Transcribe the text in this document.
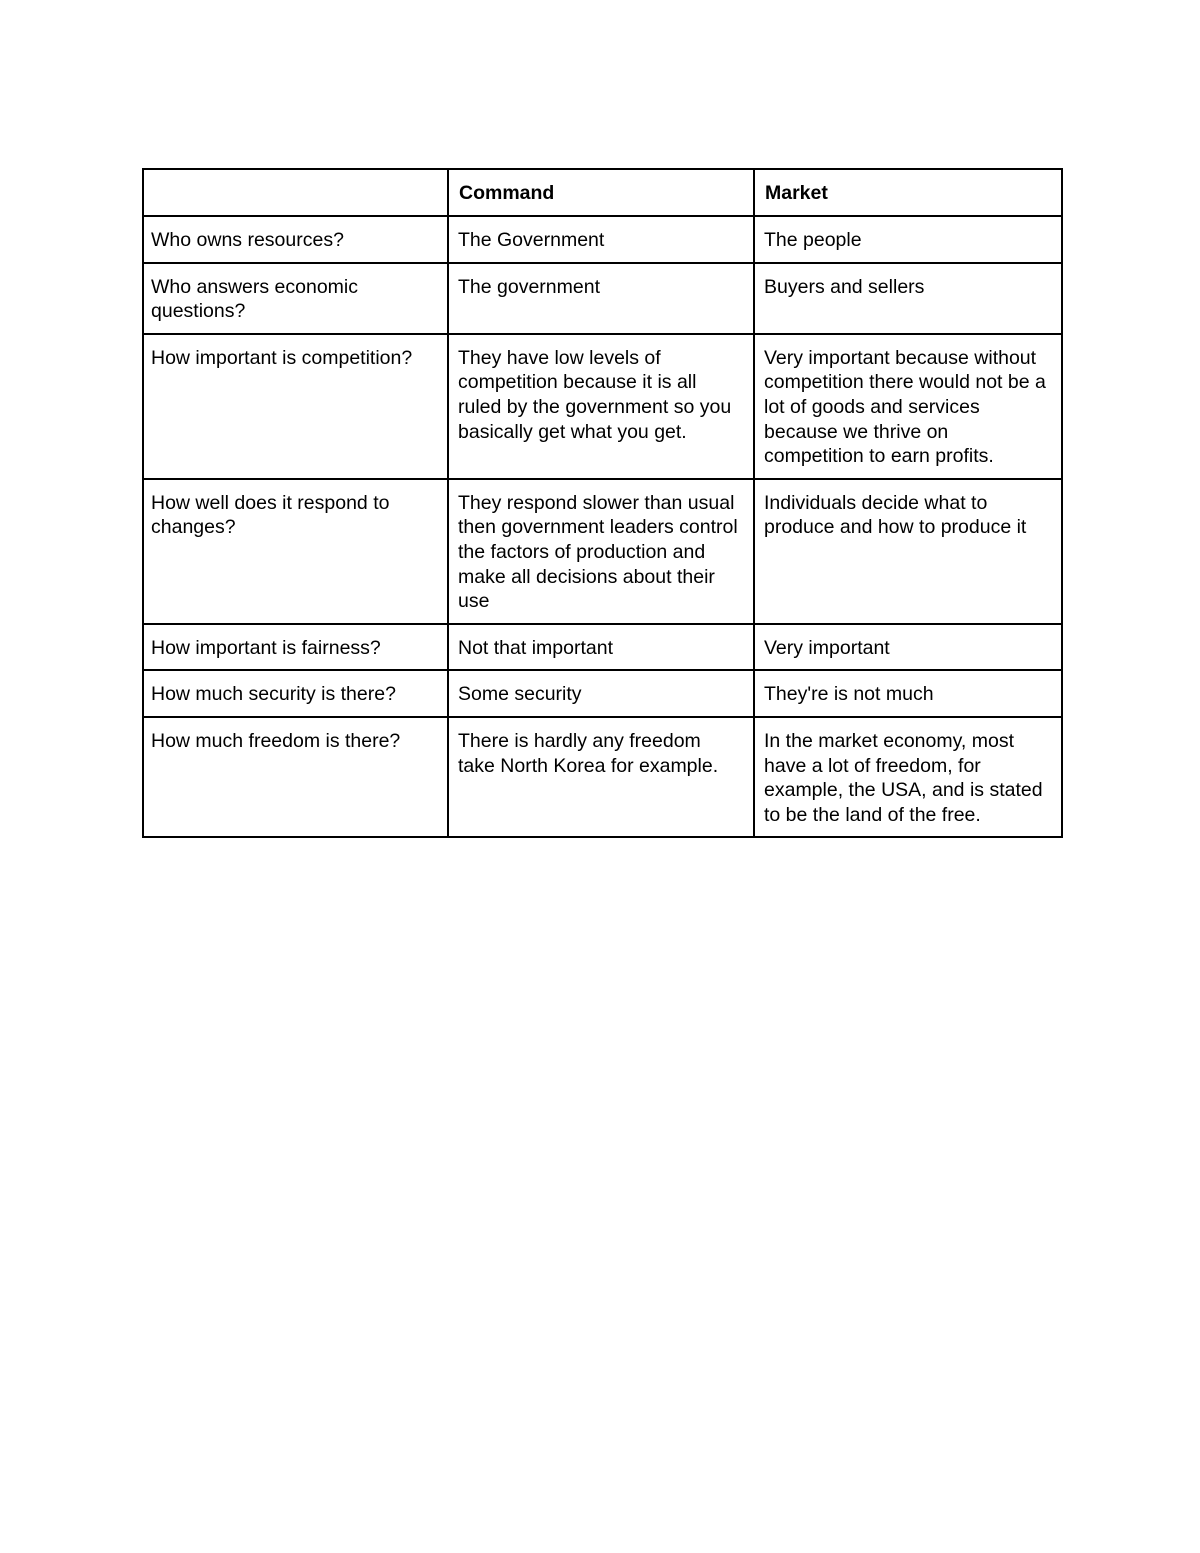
	Command	Market
Who owns resources?	The Government	The people
Who answers economic questions?	The government	Buyers and sellers
How important is competition?	They have low levels of competition because it is all ruled by the government so you basically get what you get.	Very important because without competition there would not be a lot of goods and services because we thrive on competition to earn profits.
How well does it respond to changes?	They respond slower than usual then government leaders control the factors of production and make all decisions about their use	Individuals decide what to produce and how to produce it
How important is fairness?	Not that important	Very important
How much security is there?	Some security	They're is not much
How much freedom is there?	There is hardly any freedom take North Korea for example.	In the market economy, most have a lot of freedom, for example, the USA, and is stated to be the land of the free.
